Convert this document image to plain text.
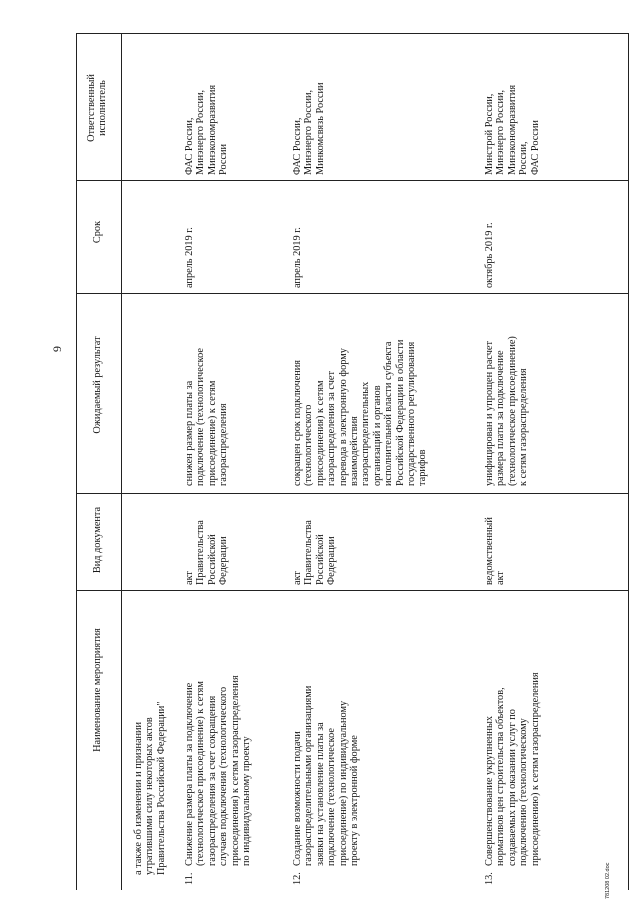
9
781208 02.doc
Наименование мероприятия
Вид документа
Ожидаемый результат
Срок
Ответственный
исполнитель
а также об изменении и признании
утратившими силу некоторых актов
Правительства Российской Федерации"
11.
Снижение размера платы за подключение
(технологическое присоединение) к сетям
газораспределения за счет сокращения
случаев подключения (технологического
присоединения) к сетям газораспределения
по индивидуальному проекту
акт
Правительства
Российской
Федерации
снижен размер платы за
подключение (технологическое
присоединение) к сетям
газораспределения
апрель 2019 г.
ФАС России,
Минэнерго России,
Минэкономразвития
России
12.
Создание возможности подачи
газораспределительными организациями
заявки на установление платы за
подключение (технологическое
присоединение) по индивидуальному
проекту в электронной форме
акт
Правительства
Российской
Федерации
сокращен срок подключения
(технологического
присоединения) к сетям
газораспределения за счет
перевода в электронную форму
взаимодействия
газораспределительных
организаций и органов
исполнительной власти субъекта
Российской Федерации в области
государственного регулирования
тарифов
апрель 2019 г.
ФАС России,
Минэнерго России,
Минкомсвязь России
13.
Совершенствование укрупненных
нормативов цен строительства объектов,
создаваемых при оказании услуг по
подключению (технологическому
присоединению) к сетям газораспределения
ведомственный
акт
унифицирован и упрощен расчет
размера платы за подключение
(технологическое присоединение)
к сетям газораспределения
октябрь 2019 г.
Минстрой России,
Минэнерго России,
Минэкономразвития
России,
ФАС России
